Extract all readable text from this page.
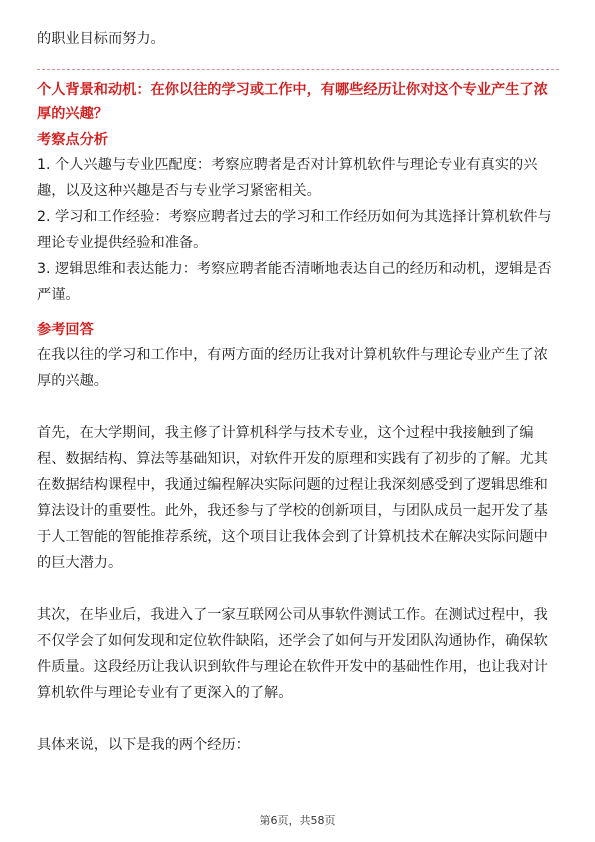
的职业目标而努力。

个人背景和动机：在你以往的学习或工作中，有哪些经历让你对这个专业产生了浓厚的兴趣？

考察点分析

1. 个人兴趣与专业匹配度：考察应聘者是否对计算机软件与理论专业有真实的兴趣，以及这种兴趣是否与专业学习紧密相关。

2. 学习和工作经验：考察应聘者过去的学习和工作经历如何为其选择计算机软件与理论专业提供经验和准备。

3. 逻辑思维和表达能力：考察应聘者能否清晰地表达自己的经历和动机，逻辑是否严谨。

参考回答

在我以往的学习和工作中，有两方面的经历让我对计算机软件与理论专业产生了浓厚的兴趣。

首先，在大学期间，我主修了计算机科学与技术专业，这个过程中我接触到了编程、数据结构、算法等基础知识，对软件开发的原理和实践有了初步的了解。尤其在数据结构课程中，我通过编程解决实际问题的过程让我深刻感受到了逻辑思维和算法设计的重要性。此外，我还参与了学校的创新项目，与团队成员一起开发了基于人工智能的智能推荐系统，这个项目让我体会到了计算机技术在解决实际问题中的巨大潜力。

其次，在毕业后，我进入了一家互联网公司从事软件测试工作。在测试过程中，我不仅学会了如何发现和定位软件缺陷，还学会了如何与开发团队沟通协作，确保软件质量。这段经历让我认识到软件与理论在软件开发中的基础性作用，也让我对计算机软件与理论专业有了更深入的了解。

具体来说，以下是我的两个经历：

第6页，共58页
